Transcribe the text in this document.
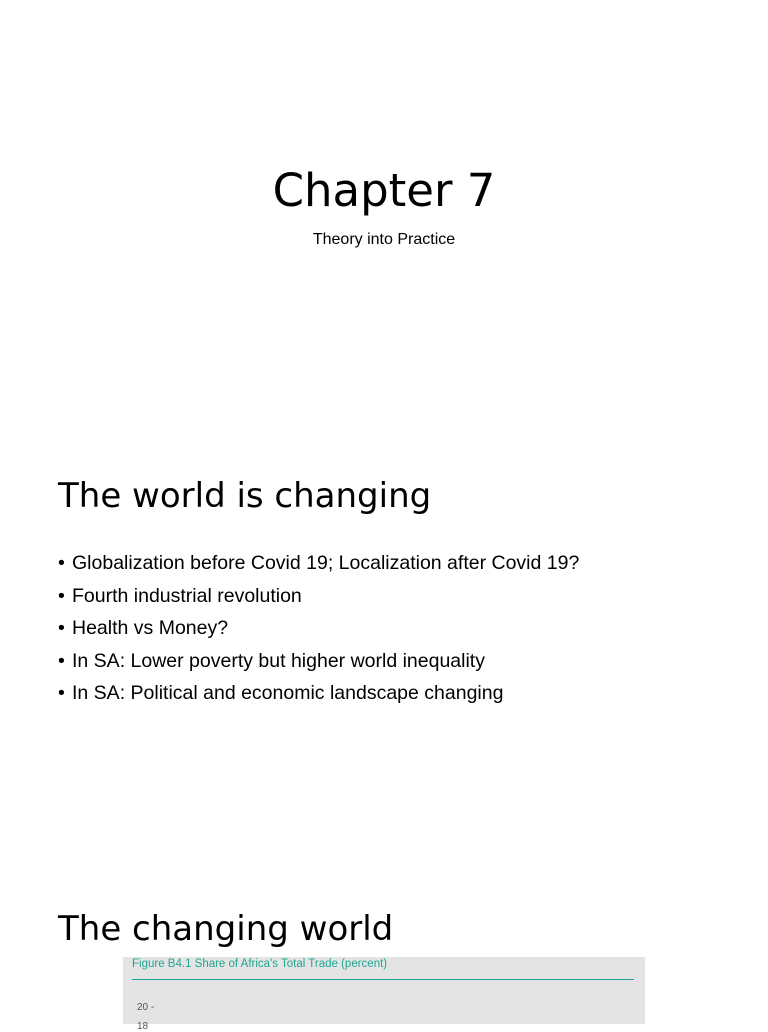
Chapter 7

Theory into Practice

The world is changing
• Globalization before Covid 19; Localization after Covid 19?
• Fourth industrial revolution
• Health vs Money?
• In SA: Lower poverty but higher world inequality
• In SA: Political and economic landscape changing
The changing world

Figure B4.1 Share of Africa's Total Trade (percent)

20 -

18
